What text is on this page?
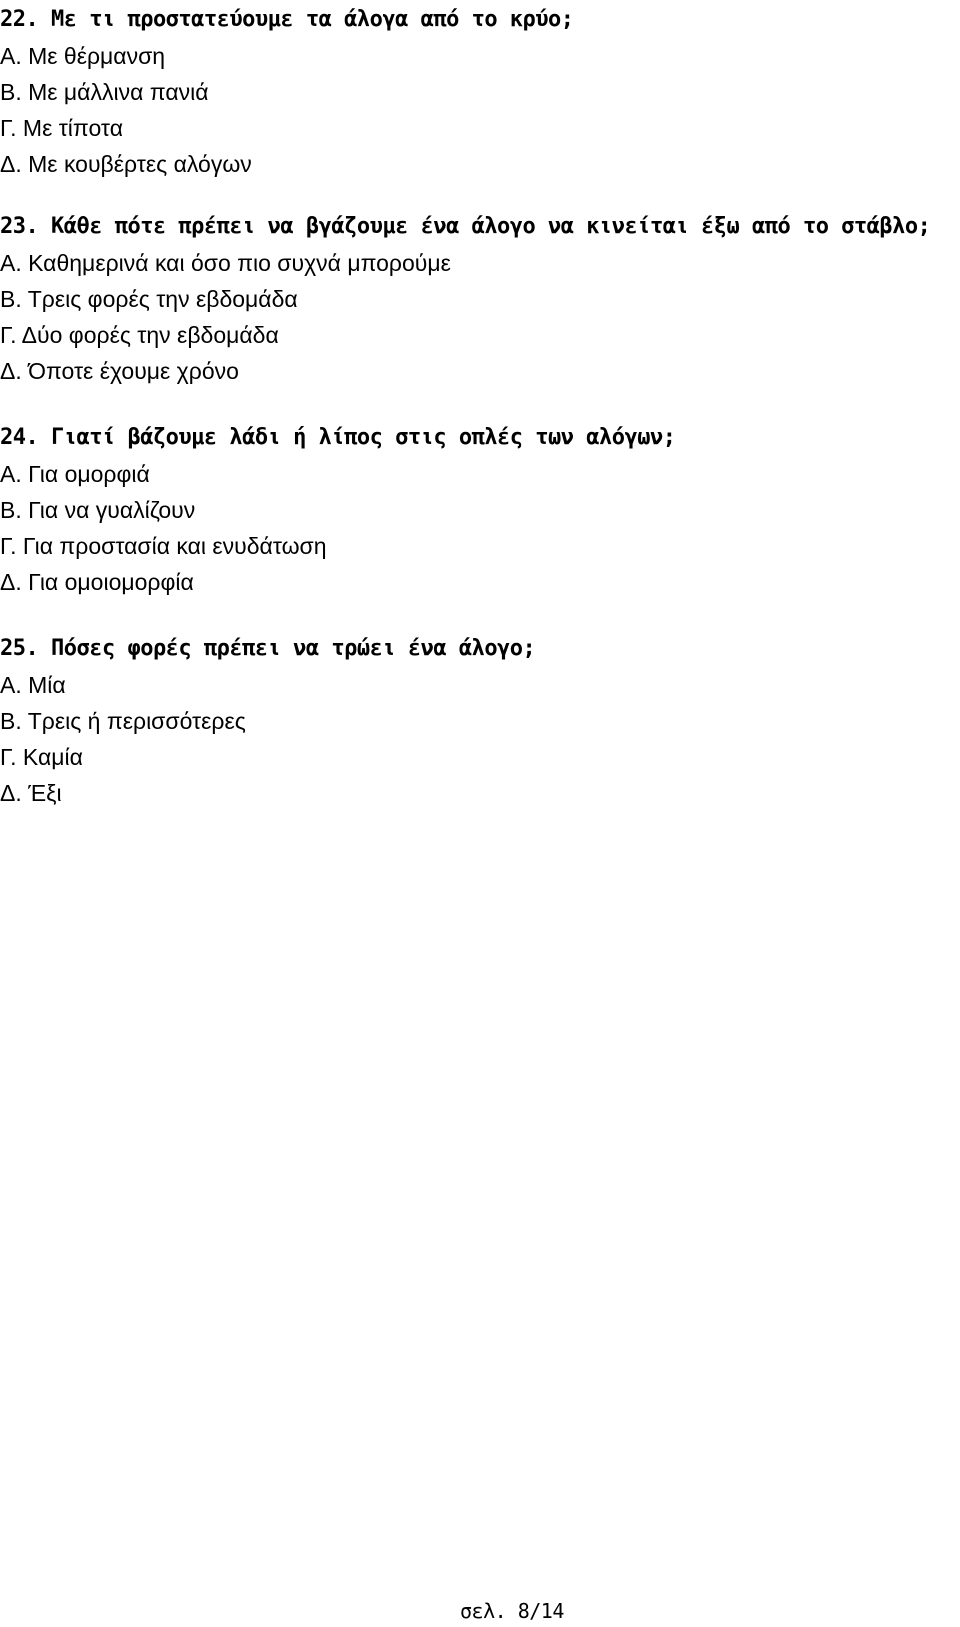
22. Με τι προστατεύουμε τα άλογα από το κρύο;
Α. Με θέρμανση
Β. Με μάλλινα πανιά
Γ. Με τίποτα
Δ. Με κουβέρτες αλόγων
23. Κάθε πότε πρέπει να βγάζουμε ένα άλογο να κινείται έξω από το στάβλο;
Α. Καθημερινά και όσο πιο συχνά μπορούμε
Β. Τρεις φορές την εβδομάδα
Γ. Δύο φορές την εβδομάδα
Δ. Όποτε έχουμε χρόνο
24. Γιατί βάζουμε λάδι ή λίπος στις οπλές των αλόγων;
Α. Για ομορφιά
Β. Για να γυαλίζουν
Γ. Για προστασία και ενυδάτωση
Δ. Για ομοιομορφία
25. Πόσες φορές πρέπει να τρώει ένα άλογο;
Α. Μία
Β. Τρεις ή περισσότερες
Γ. Καμία
Δ. Έξι
σελ. 8/14
